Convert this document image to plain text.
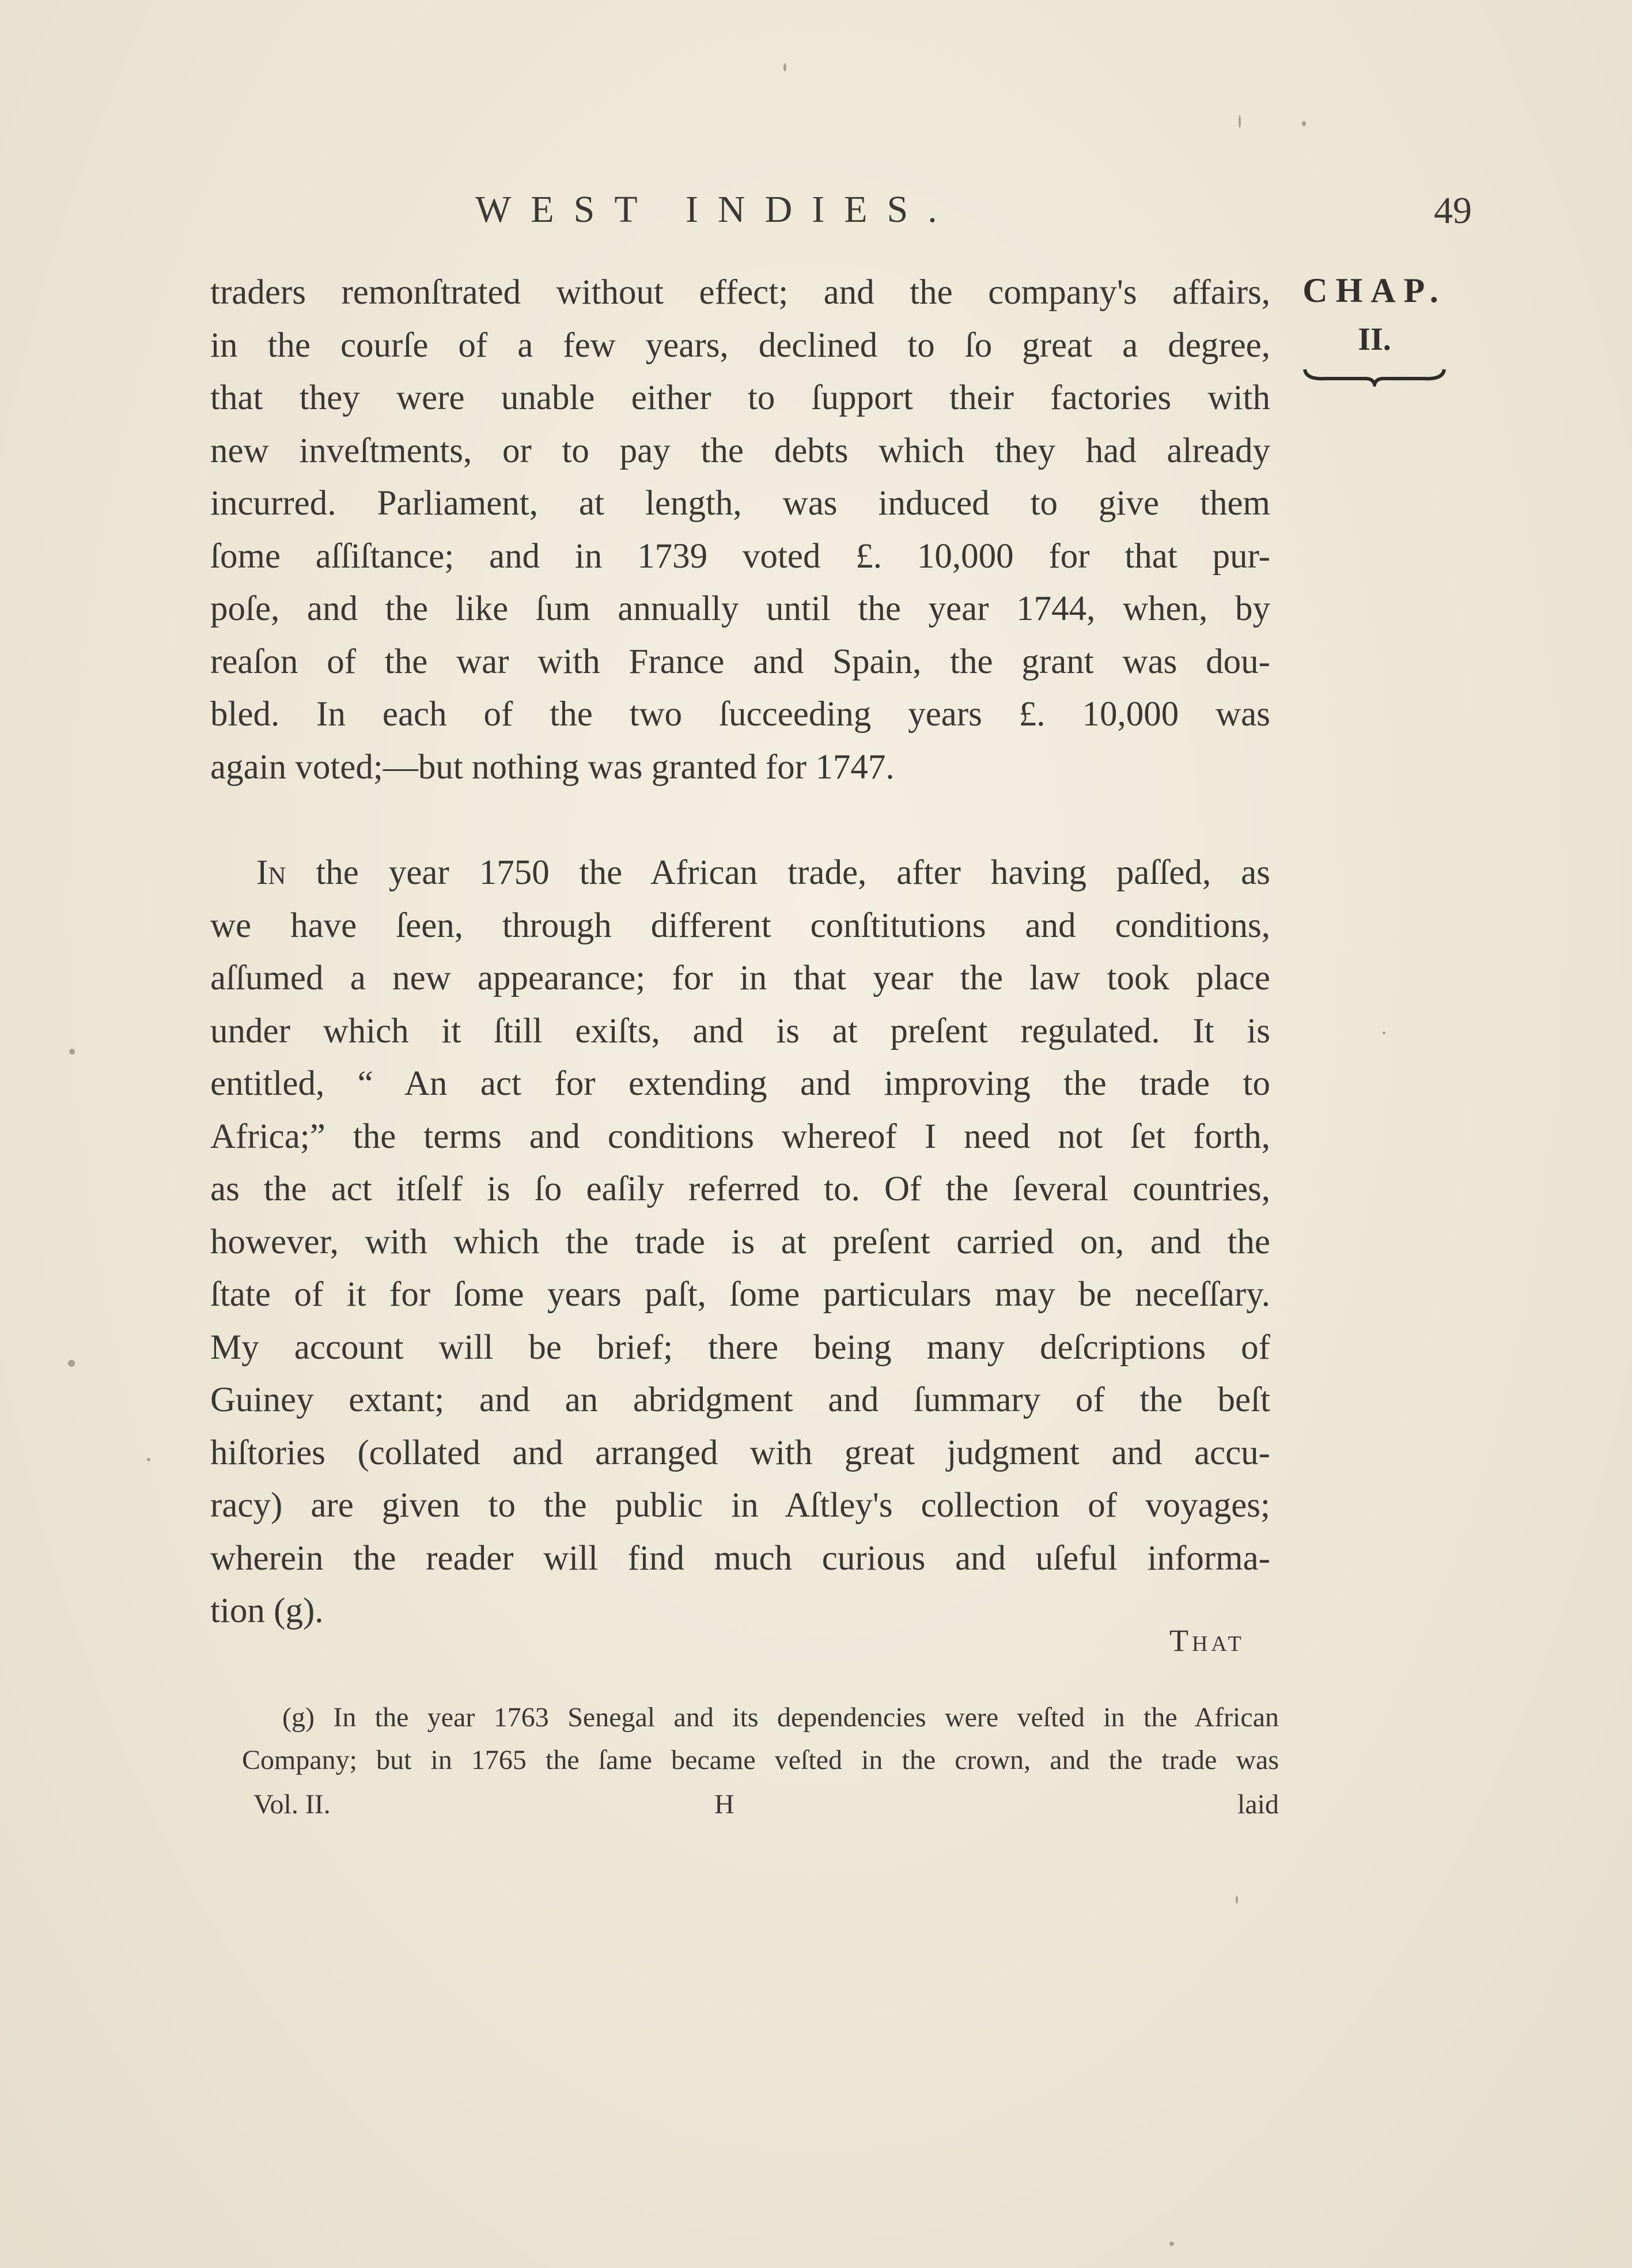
WEST INDIES.	49
CHAP.
II.
traders remonſtrated without effect; and the company's affairs,
in the courſe of a few years, declined to ſo great a degree,
that they were unable either to ſupport their factories with
new inveſtments, or to pay the debts which they had already
incurred. Parliament, at length, was induced to give them
ſome aſſiſtance; and in 1739 voted £. 10,000 for that pur-
poſe, and the like ſum annually until the year 1744, when, by
reaſon of the war with France and Spain, the grant was dou-
bled. In each of the two ſucceeding years £. 10,000 was
again voted;—but nothing was granted for 1747.
In the year 1750 the African trade, after having paſſed, as
we have ſeen, through different conſtitutions and conditions,
aſſumed a new appearance; for in that year the law took place
under which it ſtill exiſts, and is at preſent regulated. It is
entitled, “ An act for extending and improving the trade to
Africa;” the terms and conditions whereof I need not ſet forth,
as the act itſelf is ſo eaſily referred to. Of the ſeveral countries,
however, with which the trade is at preſent carried on, and the
ſtate of it for ſome years paſt, ſome particulars may be neceſſary.
My account will be brief; there being many deſcriptions of
Guiney extant; and an abridgment and ſummary of the beſt
hiſtories (collated and arranged with great judgment and accu-
racy) are given to the public in Aſtley's collection of voyages;
wherein the reader will find much curious and uſeful informa-
tion (g).
That
(g) In the year 1763 Senegal and its dependencies were veſted in the African
Company; but in 1765 the ſame became veſted in the crown, and the trade was
Vol. II.	H	laid
